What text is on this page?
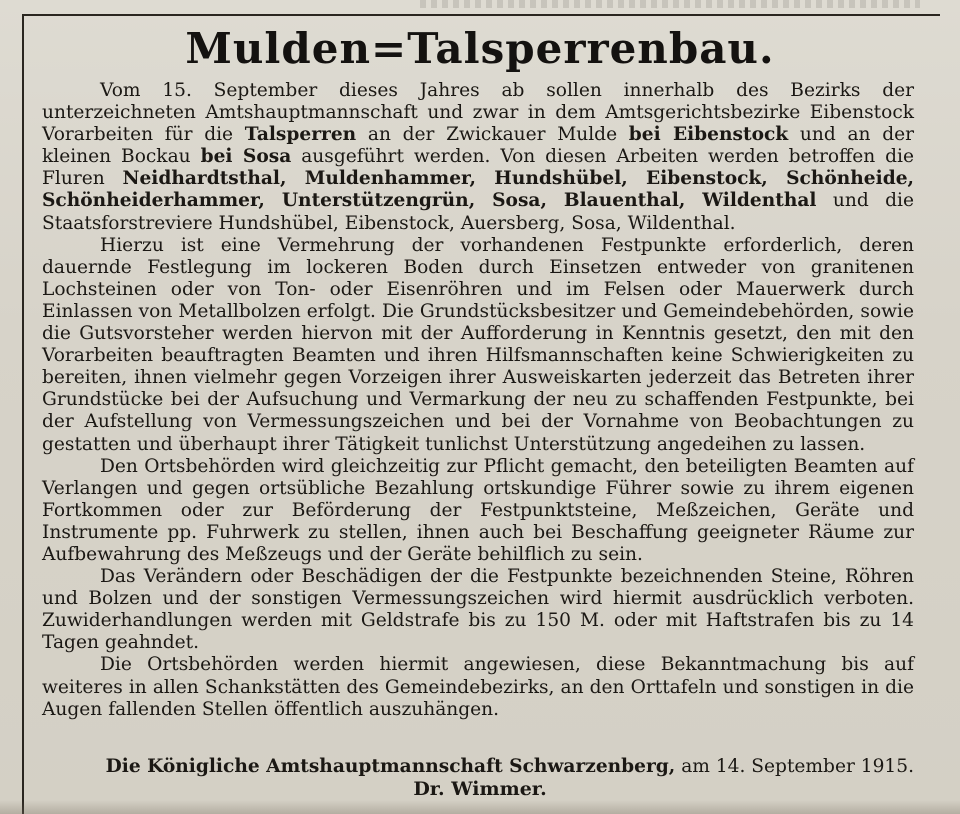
Mulden=Talsperrenbau.

Vom 15. September dieses Jahres ab sollen innerhalb des Bezirks der unterzeichneten Amtshauptmannschaft und zwar in dem Amtsgerichtsbezirke Eibenstock Vorarbeiten für die Talsperren an der Zwickauer Mulde bei Eibenstock und an der kleinen Bockau bei Sosa ausgeführt werden. Von diesen Arbeiten werden betroffen die Fluren Neidhardtsthal, Muldenhammer, Hundshübel, Eibenstock, Schönheide, Schönheiderhammer, Unterstützengrün, Sosa, Blauenthal, Wildenthal und die Staatsforstreviere Hundshübel, Eibenstock, Auersberg, Sosa, Wildenthal.

Hierzu ist eine Vermehrung der vorhandenen Festpunkte erforderlich, deren dauernde Festlegung im lockeren Boden durch Einsetzen entweder von granitenen Lochsteinen oder von Ton- oder Eisenröhren und im Felsen oder Mauerwerk durch Einlassen von Metallbolzen erfolgt. Die Grundstücksbesitzer und Gemeindebehörden, sowie die Gutsvorsteher werden hiervon mit der Aufforderung in Kenntnis gesetzt, den mit den Vorarbeiten beauftragten Beamten und ihren Hilfsmannschaften keine Schwierigkeiten zu bereiten, ihnen vielmehr gegen Vorzeigen ihrer Ausweiskarten jederzeit das Betreten ihrer Grundstücke bei der Aufsuchung und Vermarkung der neu zu schaffenden Festpunkte, bei der Aufstellung von Vermessungszeichen und bei der Vornahme von Beobachtungen zu gestatten und überhaupt ihrer Tätigkeit tunlichst Unterstützung angedeihen zu lassen.

Den Ortsbehörden wird gleichzeitig zur Pflicht gemacht, den beteiligten Beamten auf Verlangen und gegen ortsübliche Bezahlung ortskundige Führer sowie zu ihrem eigenen Fortkommen oder zur Beförderung der Festpunktsteine, Meßzeichen, Geräte und Instrumente pp. Fuhrwerk zu stellen, ihnen auch bei Beschaffung geeigneter Räume zur Aufbewahrung des Meßzeugs und der Geräte behilflich zu sein.

Das Verändern oder Beschädigen der die Festpunkte bezeichnenden Steine, Röhren und Bolzen und der sonstigen Vermessungszeichen wird hiermit ausdrücklich verboten. Zuwiderhandlungen werden mit Geldstrafe bis zu 150 M. oder mit Haftstrafen bis zu 14 Tagen geahndet.

Die Ortsbehörden werden hiermit angewiesen, diese Bekanntmachung bis auf weiteres in allen Schankstätten des Gemeindebezirks, an den Orttafeln und sonstigen in die Augen fallenden Stellen öffentlich auszuhängen.

Die Königliche Amtshauptmannschaft Schwarzenberg, am 14. September 1915.
Dr. Wimmer.
